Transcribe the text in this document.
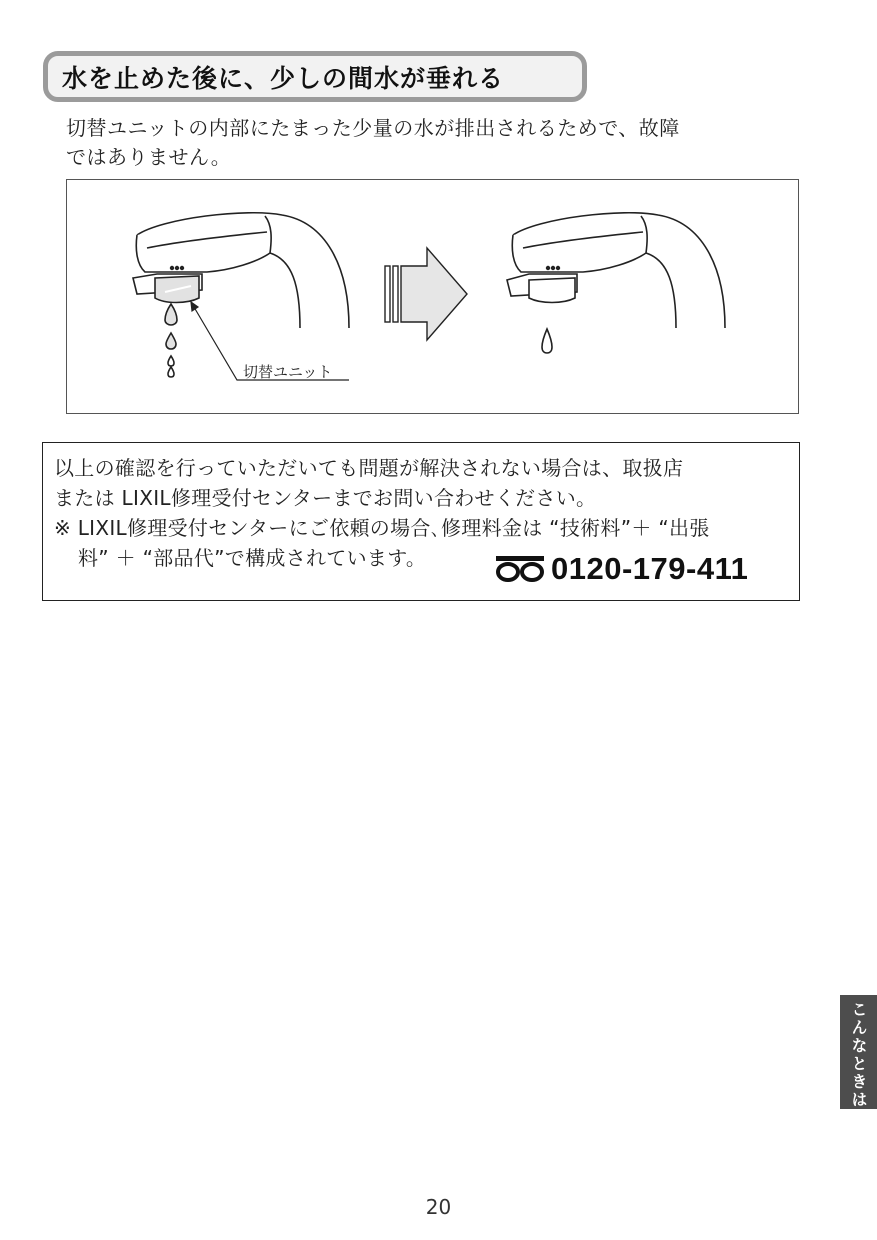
水を止めた後に、少しの間水が垂れる
切替ユニットの内部にたまった少量の水が排出されるためで、故障
ではありません。
切替ユニット
以上の確認を行っていただいても問題が解決されない場合は、取扱店
または LIXIL修理受付センターまでお問い合わせください。
※ LIXIL修理受付センターにご依頼の場合､修理料金は “技術料”＋ “出張
料” ＋ “部品代”で構成されています。	0120-179-411
こんなときは
20
